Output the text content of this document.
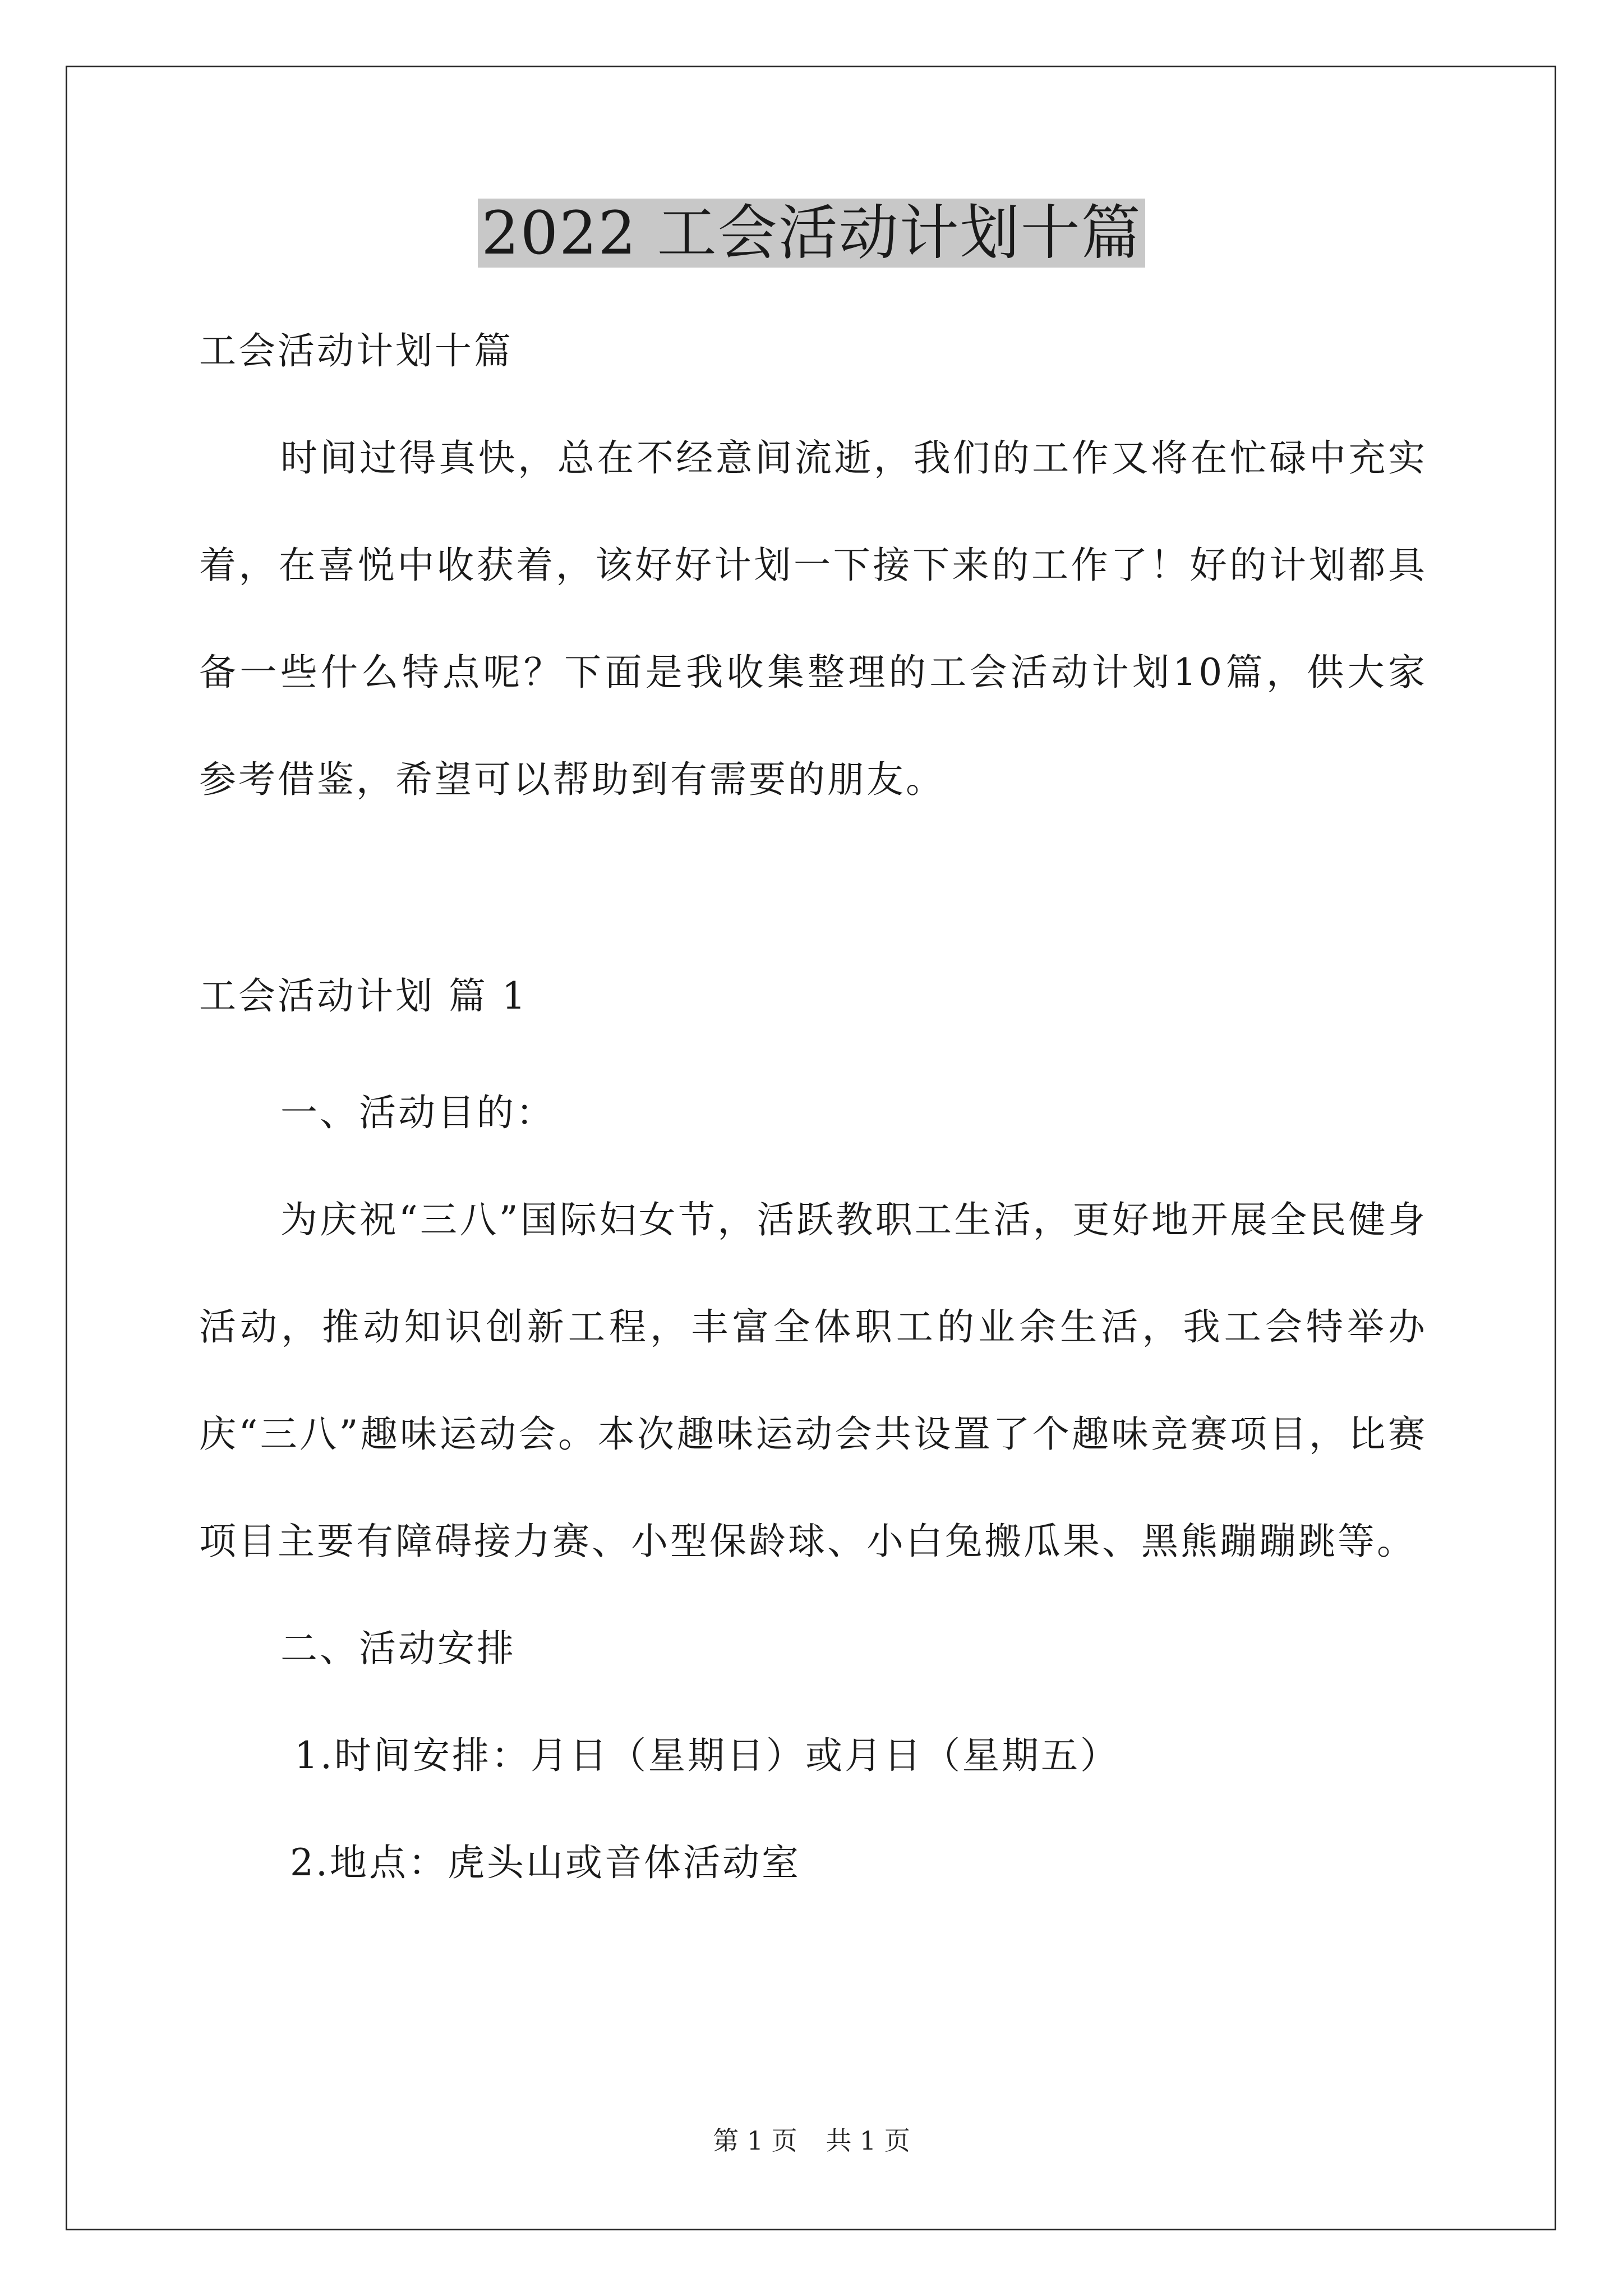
2022 工会活动计划十篇

工会活动计划十篇

时间过得真快，总在不经意间流逝，我们的工作又将在忙碌中充实着，在喜悦中收获着，该好好计划一下接下来的工作了！好的计划都具备一些什么特点呢？下面是我收集整理的工会活动计划10篇，供大家参考借鉴，希望可以帮助到有需要的朋友。

工会活动计划 篇 1

一、活动目的：

为庆祝“三八”国际妇女节，活跃教职工生活，更好地开展全民健身活动，推动知识创新工程，丰富全体职工的业余生活，我工会特举办庆“三八”趣味运动会。本次趣味运动会共设置了个趣味竞赛项目，比赛项目主要有障碍接力赛、小型保龄球、小白兔搬瓜果、黑熊蹦蹦跳等。

二、活动安排

1.时间安排：月日（星期日）或月日（星期五）

2.地点：虎头山或音体活动室

第 1 页 共 1 页
